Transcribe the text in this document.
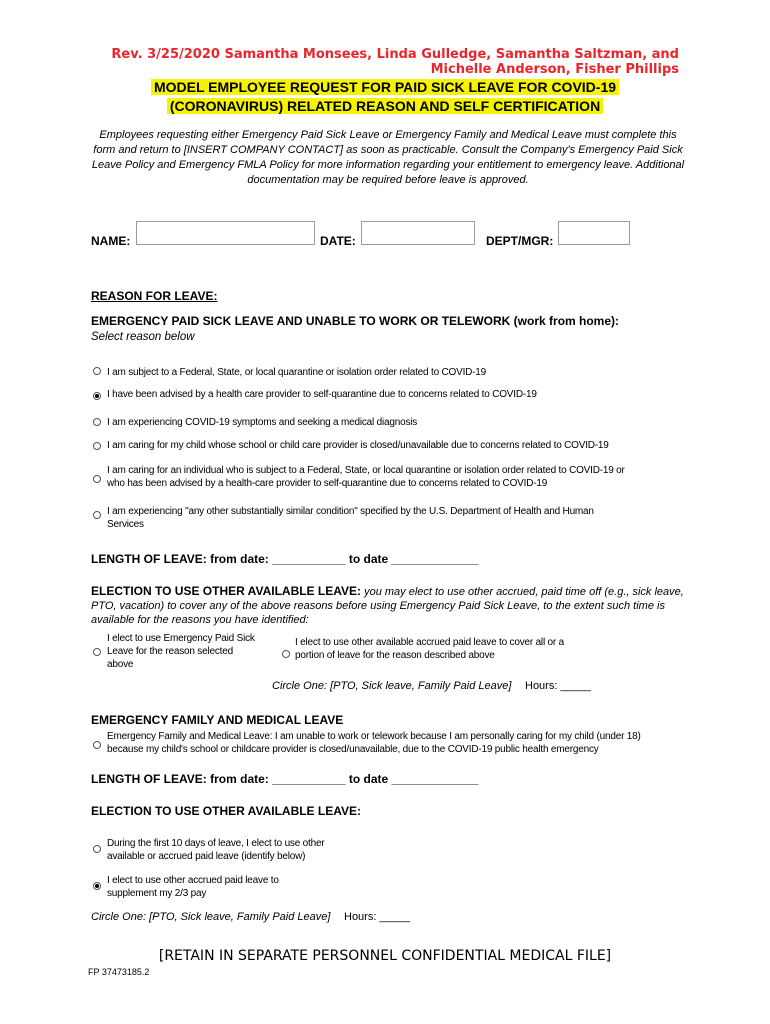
Rev. 3/25/2020 Samantha Monsees, Linda Gulledge, Samantha Saltzman, and
Michelle Anderson, Fisher Phillips
MODEL EMPLOYEE REQUEST FOR PAID SICK LEAVE FOR COVID-19
(CORONAVIRUS) RELATED REASON AND SELF CERTIFICATION
Employees requesting either Emergency Paid Sick Leave or Emergency Family and Medical Leave must complete this form and return to [INSERT COMPANY CONTACT] as soon as practicable. Consult the Company's Emergency Paid Sick Leave Policy and Emergency FMLA Policy for more information regarding your entitlement to emergency leave. Additional documentation may be required before leave is approved.
NAME:	DATE:	DEPT/MGR:
REASON FOR LEAVE:
EMERGENCY PAID SICK LEAVE AND UNABLE TO WORK OR TELEWORK (work from home):
Select reason below
I am subject to a Federal, State, or local quarantine or isolation order related to COVID-19
I have been advised by a health care provider to self-quarantine due to concerns related to COVID-19
I am experiencing COVID-19 symptoms and seeking a medical diagnosis
I am caring for my child whose school or child care provider is closed/unavailable due to concerns related to COVID-19
I am caring for an individual who is subject to a Federal, State, or local quarantine or isolation order related to COVID-19 or who has been advised by a health-care provider to self-quarantine due to concerns related to COVID-19
I am experiencing "any other substantially similar condition" specified by the U.S. Department of Health and Human Services
LENGTH OF LEAVE: from date: ___________ to date _____________
ELECTION TO USE OTHER AVAILABLE LEAVE: you may elect to use other accrued, paid time off (e.g., sick leave, PTO, vacation) to cover any of the above reasons before using Emergency Paid Sick Leave, to the extent such time is available for the reasons you have identified:
I elect to use Emergency Paid Sick Leave for the reason selected above
I elect to use other available accrued paid leave to cover all or a portion of leave for the reason described above
Circle One: [PTO, Sick leave, Family Paid Leave] Hours: _____
EMERGENCY FAMILY AND MEDICAL LEAVE
Emergency Family and Medical Leave: I am unable to work or telework because I am personally caring for my child (under 18) because my child's school or childcare provider is closed/unavailable, due to the COVID-19 public health emergency
LENGTH OF LEAVE: from date: ___________ to date _____________
ELECTION TO USE OTHER AVAILABLE LEAVE:
During the first 10 days of leave, I elect to use other available or accrued paid leave (identify below)
I elect to use other accrued paid leave to supplement my 2/3 pay
Circle One: [PTO, Sick leave, Family Paid Leave] Hours: _____
[RETAIN IN SEPARATE PERSONNEL CONFIDENTIAL MEDICAL FILE]
FP 37473185.2
